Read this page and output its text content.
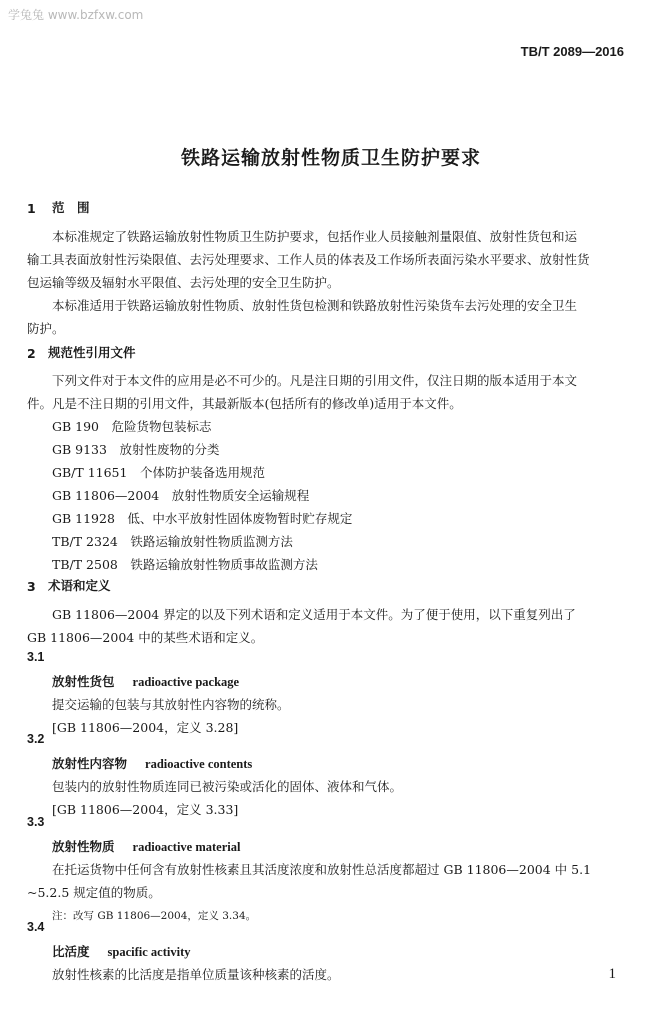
学兔兔 www.bzfxw.com
TB/T 2089—2016
铁路运输放射性物质卫生防护要求
1 范　围
本标准规定了铁路运输放射性物质卫生防护要求，包括作业人员接触剂量限值、放射性货包和运
输工具表面放射性污染限值、去污处理要求、工作人员的体表及工作场所表面污染水平要求、放射性货
包运输等级及辐射水平限值、去污处理的安全卫生防护。
本标准适用于铁路运输放射性物质、放射性货包检测和铁路放射性污染货车去污处理的安全卫生
防护。
2 规范性引用文件
下列文件对于本文件的应用是必不可少的。凡是注日期的引用文件，仅注日期的版本适用于本文
件。凡是不注日期的引用文件，其最新版本(包括所有的修改单)适用于本文件。
GB 190　危险货物包装标志
GB 9133　放射性废物的分类
GB/T 11651　个体防护装备选用规范
GB 11806—2004　放射性物质安全运输规程
GB 11928　低、中水平放射性固体废物暂时贮存规定
TB/T 2324　铁路运输放射性物质监测方法
TB/T 2508　铁路运输放射性物质事故监测方法
3 术语和定义
GB 11806—2004 界定的以及下列术语和定义适用于本文件。为了便于使用，以下重复列出了
GB 11806—2004 中的某些术语和定义。
3.1
放射性货包 radioactive package
提交运输的包装与其放射性内容物的统称。
[GB 11806—2004，定义 3.28]
3.2
放射性内容物 radioactive contents
包装内的放射性物质连同已被污染或活化的固体、液体和气体。
[GB 11806—2004，定义 3.33]
3.3
放射性物质 radioactive material
在托运货物中任何含有放射性核素且其活度浓度和放射性总活度都超过 GB 11806—2004 中 5.1
~5.2.5 规定值的物质。
注：改写 GB 11806—2004，定义 3.34。
3.4
比活度 spacific activity
放射性核素的比活度是指单位质量该种核素的活度。	1
